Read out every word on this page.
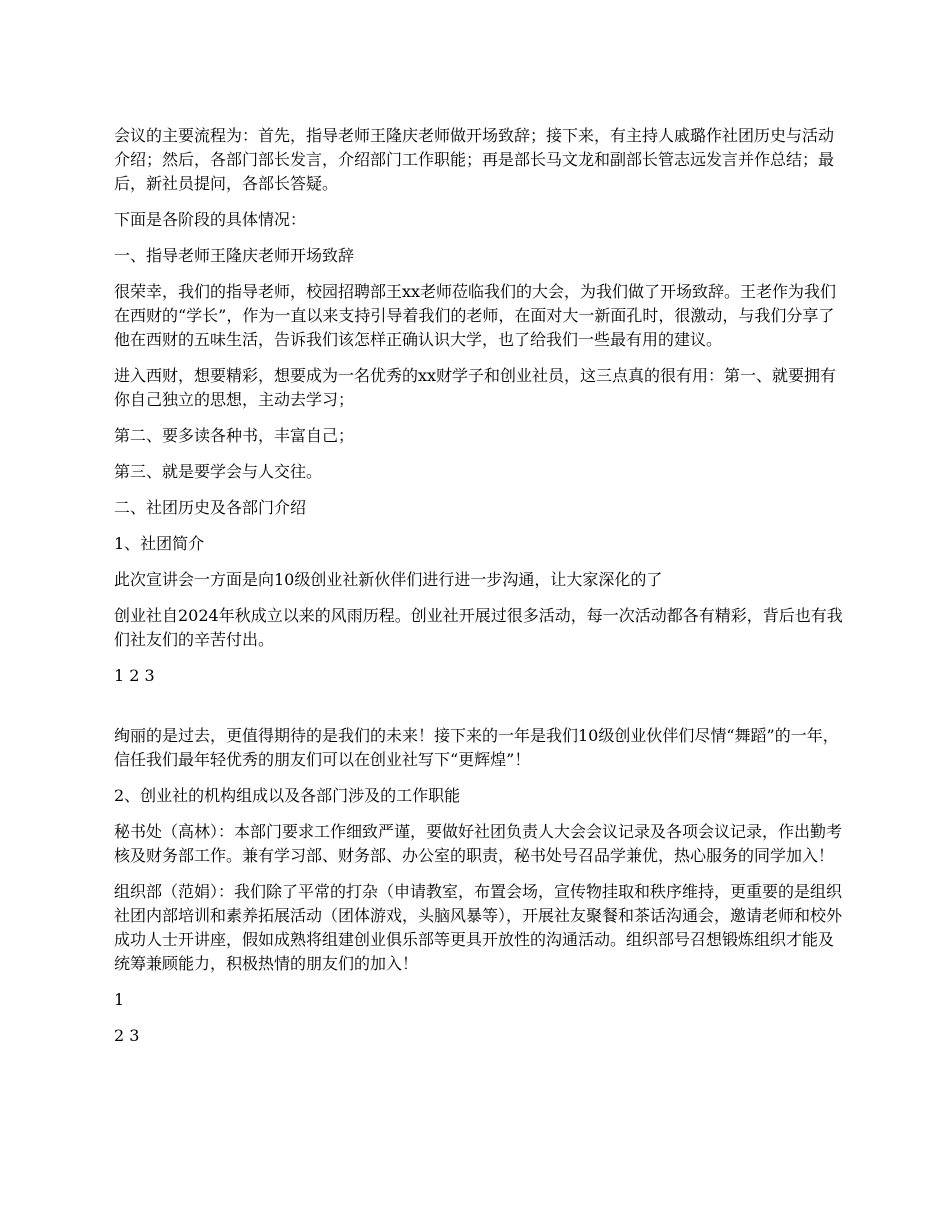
会议的主要流程为：首先，指导老师王隆庆老师做开场致辞；接下来，有主持人戚璐作社团历史与活动介绍；然后，各部门部长发言，介绍部门工作职能；再是部长马文龙和副部长管志远发言并作总结；最后，新社员提问，各部长答疑。

下面是各阶段的具体情况：

一、指导老师王隆庆老师开场致辞

很荣幸，我们的指导老师，校园招聘部王xx老师莅临我们的大会，为我们做了开场致辞。王老作为我们在西财的“学长”，作为一直以来支持引导着我们的老师，在面对大一新面孔时，很激动，与我们分享了他在西财的五味生活，告诉我们该怎样正确认识大学，也了给我们一些最有用的建议。

进入西财，想要精彩，想要成为一名优秀的xx财学子和创业社员，这三点真的很有用：第一、就要拥有你自己独立的思想，主动去学习；

第二、要多读各种书，丰富自己；

第三、就是要学会与人交往。

二、社团历史及各部门介绍

1、社团简介

此次宣讲会一方面是向10级创业社新伙伴们进行进一步沟通，让大家深化的了

创业社自2024年秋成立以来的风雨历程。创业社开展过很多活动，每一次活动都各有精彩，背后也有我们社友们的辛苦付出。

1 2 3

绚丽的是过去，更值得期待的是我们的未来！接下来的一年是我们10级创业伙伴们尽情“舞蹈”的一年，信任我们最年轻优秀的朋友们可以在创业社写下“更辉煌”！

2、创业社的机构组成以及各部门涉及的工作职能

秘书处（高林）：本部门要求工作细致严谨，要做好社团负责人大会会议记录及各项会议记录，作出勤考核及财务部工作。兼有学习部、财务部、办公室的职责，秘书处号召品学兼优，热心服务的同学加入！

组织部（范娟）：我们除了平常的打杂（申请教室，布置会场，宣传物挂取和秩序维持，更重要的是组织社团内部培训和素养拓展活动（团体游戏，头脑风暴等），开展社友聚餐和茶话沟通会，邀请老师和校外成功人士开讲座，假如成熟将组建创业俱乐部等更具开放性的沟通活动。组织部号召想锻炼组织才能及统筹兼顾能力，积极热情的朋友们的加入！

1

2 3
